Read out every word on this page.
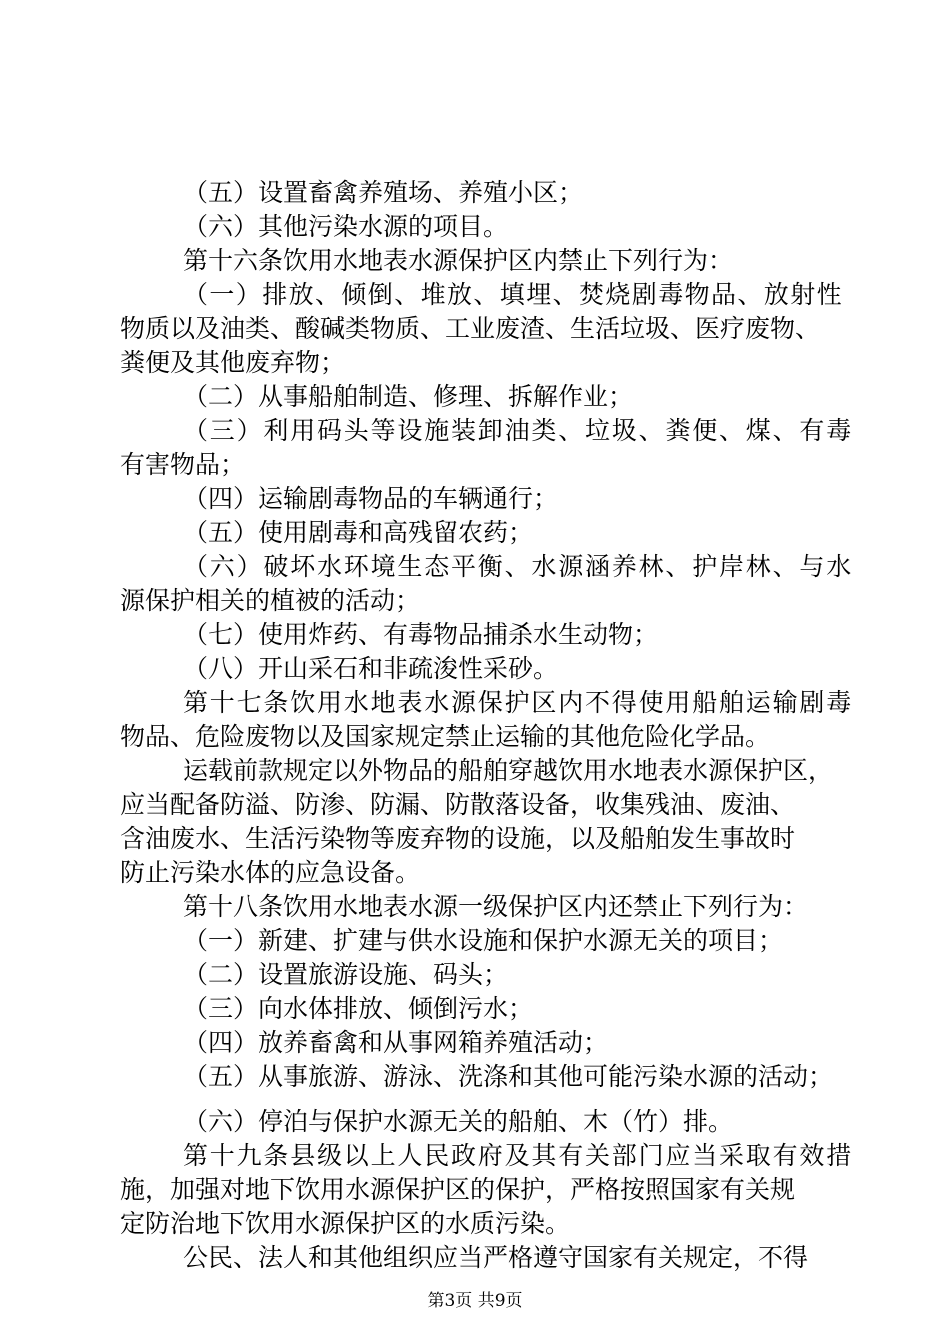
（五）设置畜禽养殖场、养殖小区；
（六）其他污染水源的项目。
第十六条饮用水地表水源保护区内禁止下列行为：
（一）排放、倾倒、堆放、填埋、焚烧剧毒物品、放射性
物质以及油类、酸碱类物质、工业废渣、生活垃圾、医疗废物、
粪便及其他废弃物；
（二）从事船舶制造、修理、拆解作业；
（三）利用码头等设施装卸油类、垃圾、粪便、煤、有毒
有害物品；
（四）运输剧毒物品的车辆通行；
（五）使用剧毒和高残留农药；
（六）破坏水环境生态平衡、水源涵养林、护岸林、与水
源保护相关的植被的活动；
（七）使用炸药、有毒物品捕杀水生动物；
（八）开山采石和非疏浚性采砂。
第十七条饮用水地表水源保护区内不得使用船舶运输剧毒
物品、危险废物以及国家规定禁止运输的其他危险化学品。
运载前款规定以外物品的船舶穿越饮用水地表水源保护区，
应当配备防溢、防渗、防漏、防散落设备，收集残油、废油、
含油废水、生活污染物等废弃物的设施，以及船舶发生事故时
防止污染水体的应急设备。
第十八条饮用水地表水源一级保护区内还禁止下列行为：
（一）新建、扩建与供水设施和保护水源无关的项目；
（二）设置旅游设施、码头；
（三）向水体排放、倾倒污水；
（四）放养畜禽和从事网箱养殖活动；
（五）从事旅游、游泳、洗涤和其他可能污染水源的活动；
（六）停泊与保护水源无关的船舶、木（竹）排。
第十九条县级以上人民政府及其有关部门应当采取有效措
施，加强对地下饮用水源保护区的保护，严格按照国家有关规
定防治地下饮用水源保护区的水质污染。
公民、法人和其他组织应当严格遵守国家有关规定，不得
第3页 共9页
